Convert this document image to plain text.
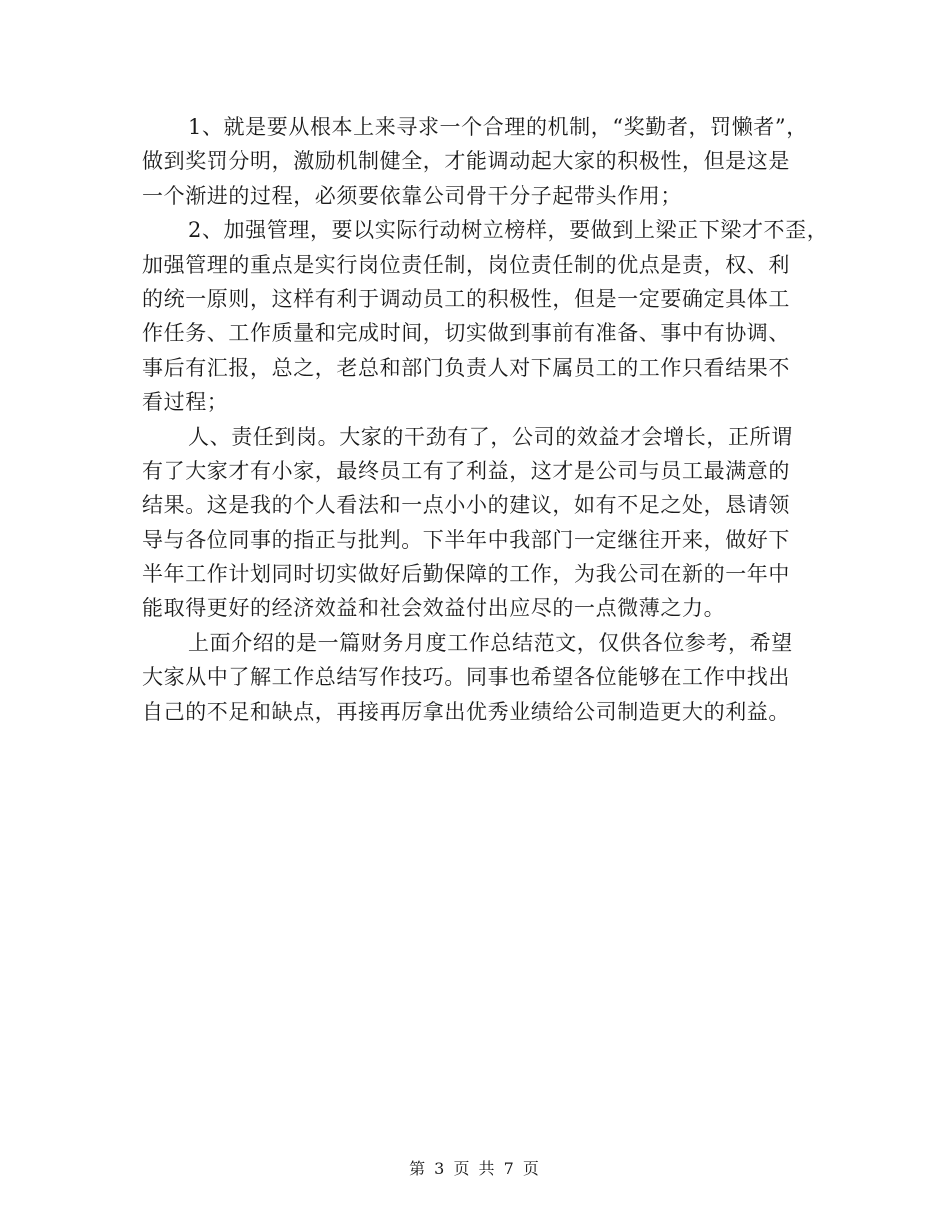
1、就是要从根本上来寻求一个合理的机制，“奖勤者，罚懒者”，
做到奖罚分明，激励机制健全，才能调动起大家的积极性，但是这是
一个渐进的过程，必须要依靠公司骨干分子起带头作用；
2、加强管理，要以实际行动树立榜样，要做到上梁正下梁才不歪，
加强管理的重点是实行岗位责任制，岗位责任制的优点是责，权、利
的统一原则，这样有利于调动员工的积极性，但是一定要确定具体工
作任务、工作质量和完成时间，切实做到事前有准备、事中有协调、
事后有汇报，总之，老总和部门负责人对下属员工的工作只看结果不
看过程；
人、责任到岗。大家的干劲有了，公司的效益才会增长，正所谓
有了大家才有小家，最终员工有了利益，这才是公司与员工最满意的
结果。这是我的个人看法和一点小小的建议，如有不足之处，恳请领
导与各位同事的指正与批判。下半年中我部门一定继往开来，做好下
半年工作计划同时切实做好后勤保障的工作，为我公司在新的一年中
能取得更好的经济效益和社会效益付出应尽的一点微薄之力。
上面介绍的是一篇财务月度工作总结范文，仅供各位参考，希望
大家从中了解工作总结写作技巧。同事也希望各位能够在工作中找出
自己的不足和缺点，再接再厉拿出优秀业绩给公司制造更大的利益。
第 3 页 共 7 页
